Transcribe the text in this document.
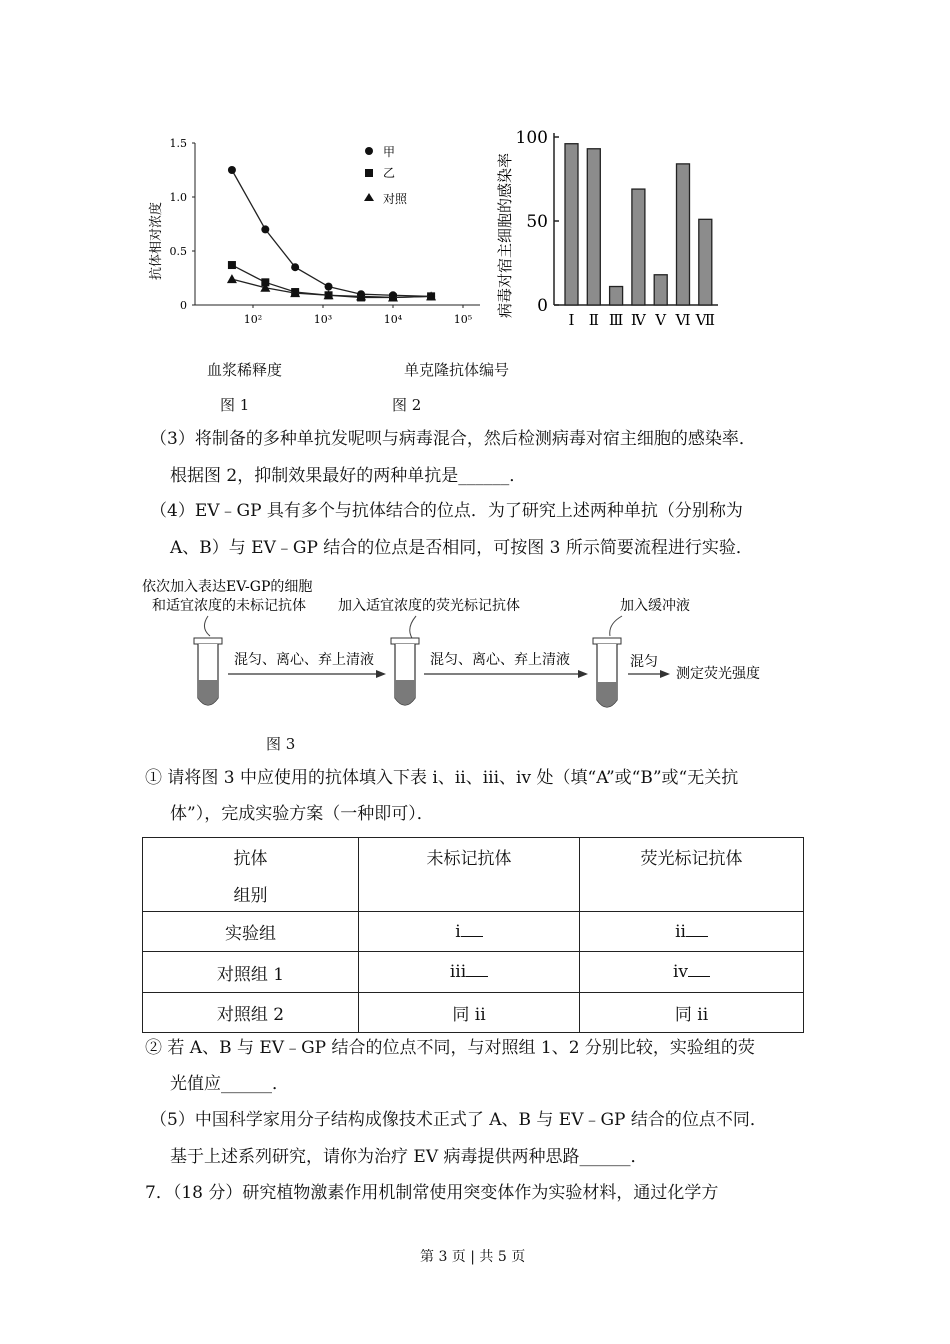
抗体相对浓度
1.5
1.0
0.5
0
10²	10³	10⁴	10⁵
甲
乙
对照	病毒对宿主细胞的感染率
100
50
0
Ⅰ Ⅱ Ⅲ Ⅳ Ⅴ Ⅵ Ⅶ
血浆稀释度	单克隆抗体编号
图 1	图 2
（3）将制备的多种单抗发呢呗与病毒混合，然后检测病毒对宿主细胞的感染率．
根据图 2，抑制效果最好的两种单抗是______．
（4）EV﹣GP 具有多个与抗体结合的位点．为了研究上述两种单抗（分别称为
A、B）与 EV﹣GP 结合的位点是否相同，可按图 3 所示简要流程进行实验．
依次加入表达EV-GP的细胞
和适宜浓度的未标记抗体 加入适宜浓度的荧光标记抗体	加入缓冲液
混匀、离心、弃上清液	混匀、离心、弃上清液	混匀
测定荧光强度
图 3
① 请将图 3 中应使用的抗体填入下表 i、ii、iii、iv 处（填“A”或“B”或“无关抗
体”），完成实验方案（一种即可）．
抗体
组别	未标记抗体	荧光标记抗体

实验组	i	ii
对照组 1	iii	iv
对照组 2	同 ii	同 ii
② 若 A、B 与 EV﹣GP 结合的位点不同，与对照组 1、2 分别比较，实验组的荧
光值应______．
（5）中国科学家用分子结构成像技术正式了 A、B 与 EV﹣GP 结合的位点不同．
基于上述系列研究，请你为治疗 EV 病毒提供两种思路______．
7．（18 分）研究植物激素作用机制常使用突变体作为实验材料，通过化学方
第 3 页 | 共 5 页
